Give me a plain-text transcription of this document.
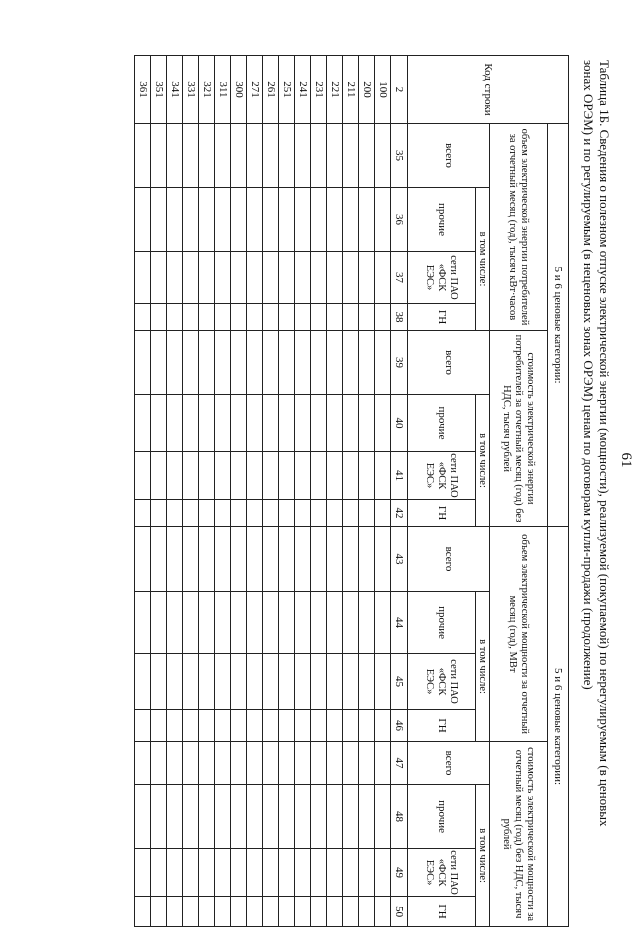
61
Таблица 1Б. Сведения о полезном отпуске электрической энергии (мощности), реализуемой (покупаемой) по нерегулируемым (в ценовых зонах ОРЭМ) и по регулируемым (в неценовых зонах ОРЭМ) ценам по договорам купли-продажи (продолжение)
Код строки	5 и 6 ценовые категории:								5 и 6 ценовые категории:							
	объем электрической энергии потребителей за отчетный месяц (год), тысяч кВт·часов				стоимость электрической энергии потребителей за отчетный месяц (год) без НДС, тысяч рублей				объем электрической мощности за отчетный месяц (год), МВт				стоимость электрической мощности за отчетный месяц (год) без НДС, тысяч рублей			
	всего	в том числе:			всего	в том числе:			всего	в том числе:			всего	в том числе:		
		прочие	сети ПАО «ФСК ЕЭС»	ГН		прочие	сети ПАО «ФСК ЕЭС»	ГН		прочие	сети ПАО «ФСК ЕЭС»	ГН		прочие	сети ПАО «ФСК ЕЭС»	ГН
2	35	36	37	38	39	40	41	42	43	44	45	46	47	48	49	50
100																
200																
211																
221																
231																
241																
251																
261																
271																
300																
311																
321																
331																
341																
351																
361																
